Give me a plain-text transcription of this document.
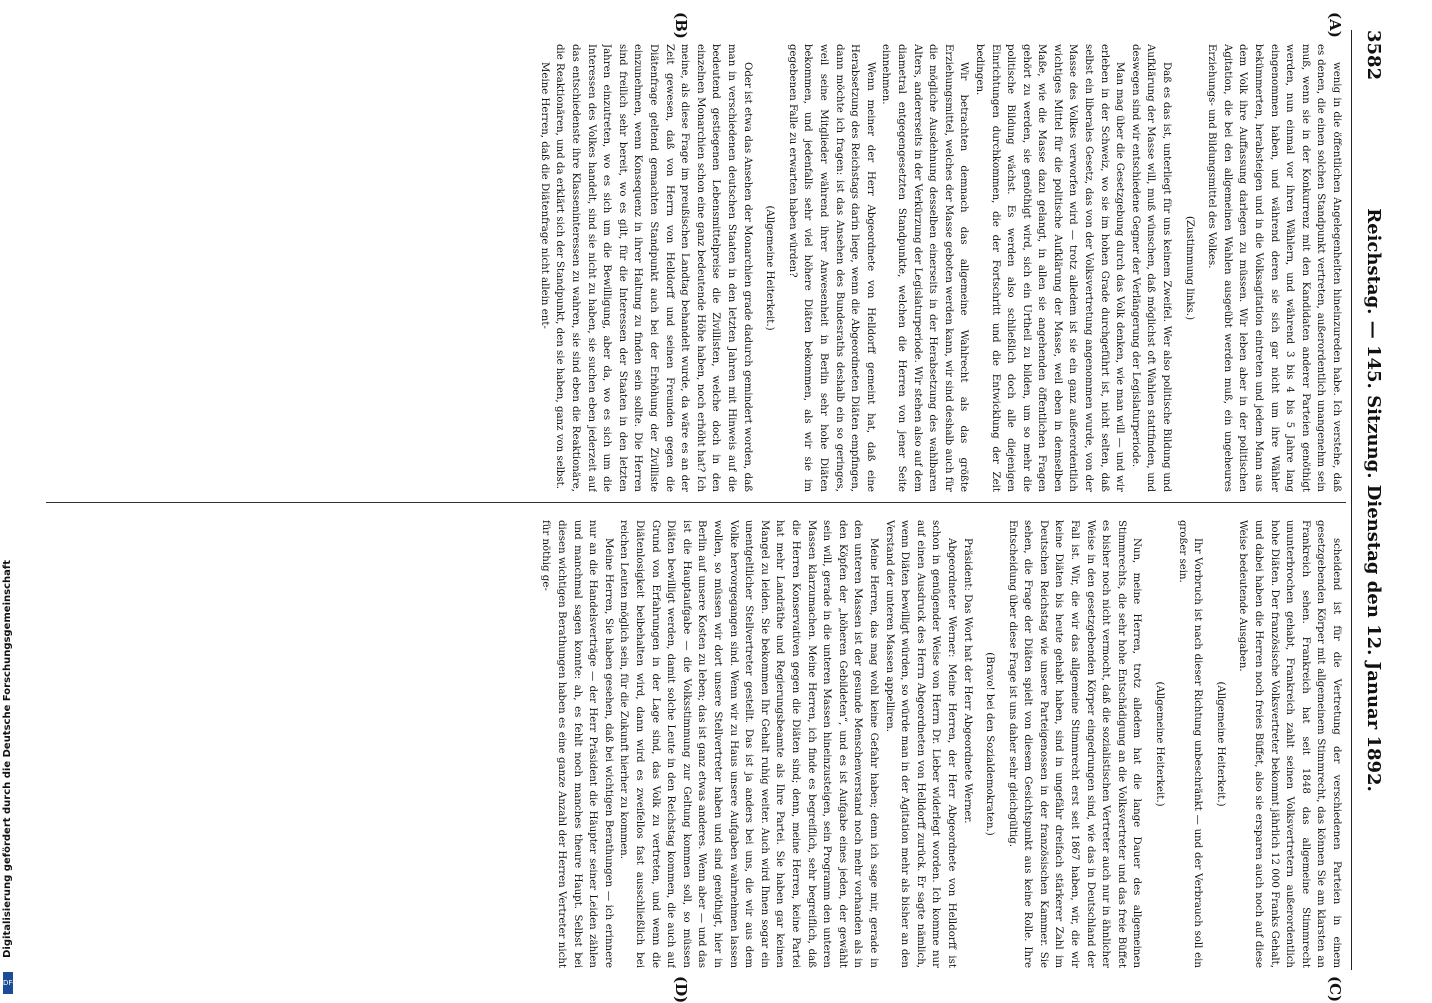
3582
Reichstag. — 145. Sitzung. Dienstag den 12. Januar 1892.
(A)
(B)
(C)
(D)

wenig in die öffentlichen Angelegenheiten hineinzureden habe. Ich verstehe, daß es denen, die einen solchen Standpunkt vertreten, außerordentlich unangenehm sein muß, wenn sie in der Konkurrenz mit den Kandidaten anderer Parteien genöthigt werden, nun einmal vor ihren Wählern, und während 3 bis 4 bis 5 Jahre lang eingenommen haben, und während deren sie sich gar nicht um ihre Wähler bekümmerten, herabsteigen und in die Volksagitation eintreten und jedem Mann aus dem Volk ihre Auffassung darlegen zu müssen. Wir leben aber in der politischen Agitation, die bei den allgemeinen Wahlen ausgeübt werden muß, ein ungeheures Erziehungs- und Bildungsmittel des Volkes.

(Zustimmung links.)

Daß es das ist, unterliegt für uns keinem Zweifel. Wer also politische Bildung und Aufklärung der Masse will, muß wünschen, daß möglichst oft Wahlen stattfinden, und deswegen sind wir entschiedene Gegner der Verlängerung der Legislaturperiode.

Man mag über die Gesetzgebung durch das Volk denken, wie man will — und wir erleben in der Schweiz, wo sie im hohen Grade durchgeführt ist, nicht selten, daß selbst ein liberales Gesetz, das von der Volksvertretung angenommen wurde, von der Masse des Volkes verworfen wird — trotz alledem ist sie ein ganz außerordentlich wichtiges Mittel für die politische Aufklärung der Masse, weil eben in demselben Maße, wie die Masse dazu gelangt, in allen sie angehenden öffentlichen Fragen gehört zu werden, sie genöthigt wird, sich ein Urtheil zu bilden, um so mehr die politische Bildung wächst. Es werden also schließlich doch alle diejenigen Einrichtungen durchkommen, die der Fortschritt und die Entwicklung der Zeit bedingen.

Wir betrachten demnach das allgemeine Wahlrecht als das größte Erziehungsmittel, welches der Masse geboten werden kann, wir sind deshalb auch für die mögliche Ausdehnung desselben einerseits in der Herabsetzung des wahlbaren Alters, andererseits in der Verkürzung der Legislaturperiode. Wir stehen also auf dem diametral entgegengesetzten Standpunkte, welchen die Herren von jener Seite einnehmen.

Wenn meiner der Herr Abgeordnete von Helldorff gemeint hat, daß eine Herabsetzung des Reichstags darin liege, wenn die Abgeordneten Diäten empfingen, dann möchte ich fragen: ist das Ansehen des Bundesraths deshalb ein so geringes, weil seine Mitglieder während ihrer Anwesenheit in Berlin sehr hohe Diäten bekommen, und jedenfalls sehr viel höhere Diäten bekommen, als wir sie im gegebenen Falle zu erwarten haben würden?

(Allgemeine Heiterkeit.)

Oder ist etwa das Ansehen der Monarchien grade dadurch gemindert worden, daß man in verschiedenen deutschen Staaten in den letzten Jahren mit Hinweis auf die bedeutend gestiegenen Lebensmittelpreise die Zivillisten, welche doch in den einzelnen Monarchien schon eine ganz bedeutende Höhe haben, noch erhöht hat? Ich meine, als diese Frage im preußischen Landtag behandelt wurde, da wäre es an der Zeit gewesen, daß von Herrn von Helldorff und seinen Freunden gegen die Diätenfrage geltend gemachten Standpunkt auch bei der Erhöhung der Zivilliste einzunehmen, wenn Konsequenz in ihrer Haltung zu finden sein sollte. Die Herren sind freilich sehr bereit, wo es gilt, für die Interessen der Staaten in den letzten Jahren einzutreten, wo es sich um die Bewilligung, aber da, wo es sich um die Interessen des Volkes handelt, sind sie nicht zu haben, sie suchen eben jederzeit auf das entschiedenste ihre Klasseninteressen zu wahren, sie sind eben die Reaktionäre, die Reaktionären, und da erklärt sich der Standpunkt, den sie haben, ganz von selbst.

Meine Herren, daß die Diätenfrage nicht allein ent-

scheidend ist für die Vertretung der verschiedenen Parteien in einem gesetzgebenden Körper mit allgemeinem Stimmrecht, das können Sie am klarsten an Frankreich sehen. Frankreich hat seit 1848 das allgemeine Stimmrecht ununterbrochen gehabt, Frankreich zahlt seinen Volksvertretern außerordentlich hohe Diäten. Der französische Volksvertreter bekommt jährlich 12 000 Franks Gehalt, und dabei haben die Herren noch freies Büffet, also sie ersparen auch noch auf diese Weise bedeutende Ausgaben.

(Allgemeine Heiterkeit.)

Ihr Vorbruch ist nach dieser Richtung unbeschränkt — und der Verbrauch soll ein großer sein.

(Allgemeine Heiterkeit.)

Nun, meine Herren, trotz alledem hat die lange Dauer des allgemeinen Stimmrechts, die sehr hohe Entschädigung an die Volksvertreter und das freie Büffet es bisher noch nicht vermocht, daß die sozialistischen Vertreter auch nur in ähnlicher Weise in den gesetzgebenden Körper eingedrungen sind, wie das in Deutschland der Fall ist. Wir, die wir das allgemeine Stimmrecht erst seit 1867 haben, wir, die wir keine Diäten bis heute gehabt haben, sind in ungefähr dreifach stärkerer Zahl im Deutschen Reichstag wie unsere Parteigenossen in der französischen Kammer. Sie sehen, die Frage der Diäten spielt von diesem Gesichtspunkt aus keine Rolle. Ihre Entscheidung über diese Frage ist uns daher sehr gleichgültig.

(Bravo! bei den Sozialdemokraten.)

Präsident: Das Wort hat der Herr Abgeordnete Werner.

Abgeordneter Werner: Meine Herren, der Herr Abgeordnete von Helldorff ist schon in genügender Weise von Herrn Dr. Lieber widerlegt worden. Ich komme nur auf einen Ausdruck des Herrn Abgeordneten von Helldorff zurück. Er sagte nämlich, wenn Diäten bewilligt würden, so würde man in der Agitation mehr als bisher an den Verstand der unteren Massen appelliren.

Meine Herren, das mag wohl keine Gefahr haben; denn ich sage mir, gerade in den unteren Massen ist der gesunde Menschenverstand noch mehr vorhanden als in den Köpfen der „höheren Gebildeten“, und es ist Aufgabe eines jeden, der gewählt sein will, gerade in die unteren Massen hineinzusteigen, sein Programm den unteren Massen klarzumachen. Meine Herren, ich finde es begreiflich, sehr begreiflich, daß die Herren Konservativen gegen die Diäten sind; denn, meine Herren, keine Partei hat mehr Landräthe und Regierungsbeamte als Ihre Partei. Sie haben gar keinen Mangel zu leiden. Sie bekommen Ihr Gehalt ruhig weiter. Auch wird Ihnen sogar ein unentgeltlicher Stellvertreter gestellt. Das ist ja anders bei uns, die wir aus dem Volke hervorgegangen sind. Wenn wir zu Haus unsere Aufgaben wahrnehmen lassen wollen, so müssen wir dort unsere Stellvertreter haben und sind genöthigt, hier in Berlin auf unsere Kosten zu leben; das ist ganz etwas anderes. Wenn aber — und das ist die Hauptaufgabe — die Volksstimmung zur Geltung kommen soll, so müssen Diäten bewilligt werden, damit solche Leute in den Reichstag kommen, die auch auf Grund von Erfahrungen in der Lage sind, das Volk zu vertreten, und wenn die Diätenlosigkeit beibehalten wird, dann wird es zweifellos fast ausschließlich bei reichen Leuten möglich sein, für die Zukunft hierher zu kommen.

Meine Herren, Sie haben gesehen, daß bei wichtigen Berathungen — ich erinnere nur an die Handelsverträge — der Herr Präsident die Häupter seiner Leiden zählen und manchmal sagen konnte: ah, es fehlt noch manches theure Haupt. Selbst bei diesen wichtigen Berathungen haben es eine ganze Anzahl der Herren Vertreter nicht für nöthig ge-

Digitalisierung gefördert durch die Deutsche Forschungsgemeinschaft
DFG
